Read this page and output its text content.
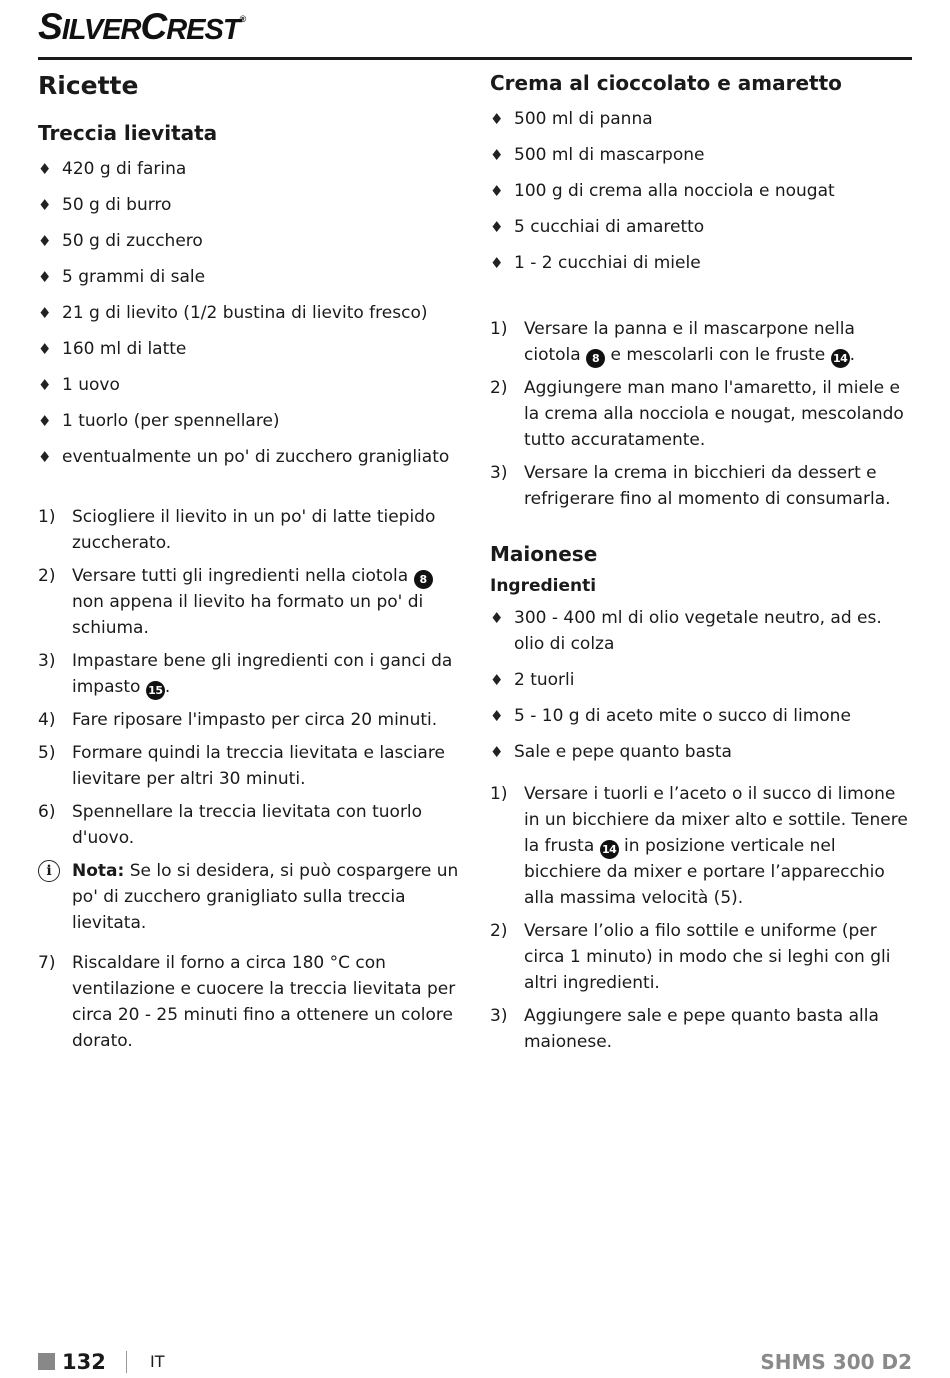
SILVERCREST®
Ricette
Treccia lievitata
♦ 420 g di farina
♦ 50 g di burro
♦ 50 g di zucchero
♦ 5 grammi di sale
♦ 21 g di lievito (1/2 bustina di lievito fresco)
♦ 160 ml di latte
♦ 1 uovo
♦ 1 tuorlo (per spennellare)
♦ eventualmente un po' di zucchero granigliato
1) Sciogliere il lievito in un po' di latte tiepido zuccherato.
2) Versare tutti gli ingredienti nella ciotola 8 non appena il lievito ha formato un po' di schiuma.
3) Impastare bene gli ingredienti con i ganci da impasto 15 .
4) Fare riposare l'impasto per circa 20 minuti.
5) Formare quindi la treccia lievitata e lasciare lievitare per altri 30 minuti.
6) Spennellare la treccia lievitata con tuorlo d'uovo.
i	Nota: Se lo si desidera, si può cospargere un po' di zucchero granigliato sulla treccia lievitata.
7) Riscaldare il forno a circa 180 °C con ventilazione e cuocere la treccia lievitata per circa 20 - 25 minuti fino a ottenere un colore dorato.
Crema al cioccolato e amaretto
♦ 500 ml di panna
♦ 500 ml di mascarpone
♦ 100 g di crema alla nocciola e nougat
♦ 5 cucchiai di amaretto
♦ 1 - 2 cucchiai di miele
1) Versare la panna e il mascarpone nella ciotola 8 e mescolarli con le fruste 14 .
2) Aggiungere man mano l'amaretto, il miele e la crema alla nocciola e nougat, mescolando tutto accuratamente.
3) Versare la crema in bicchieri da dessert e refrigerare fino al momento di consumarla.
Maionese
Ingredienti
♦ 300 - 400 ml di olio vegetale neutro, ad es. olio di colza
♦ 2 tuorli
♦ 5 - 10 g di aceto mite o succo di limone
♦ Sale e pepe quanto basta
1) Versare i tuorli e l’aceto o il succo di limone in un bicchiere da mixer alto e sottile. Tenere la frusta 14 in posizione verticale nel bicchiere da mixer e portare l’apparecchio alla massima velocità (5).
2) Versare l’olio a filo sottile e uniforme (per circa 1 minuto) in modo che si leghi con gli altri ingredienti.
3) Aggiungere sale e pepe quanto basta alla maionese.
132	IT	SHMS 300 D2
